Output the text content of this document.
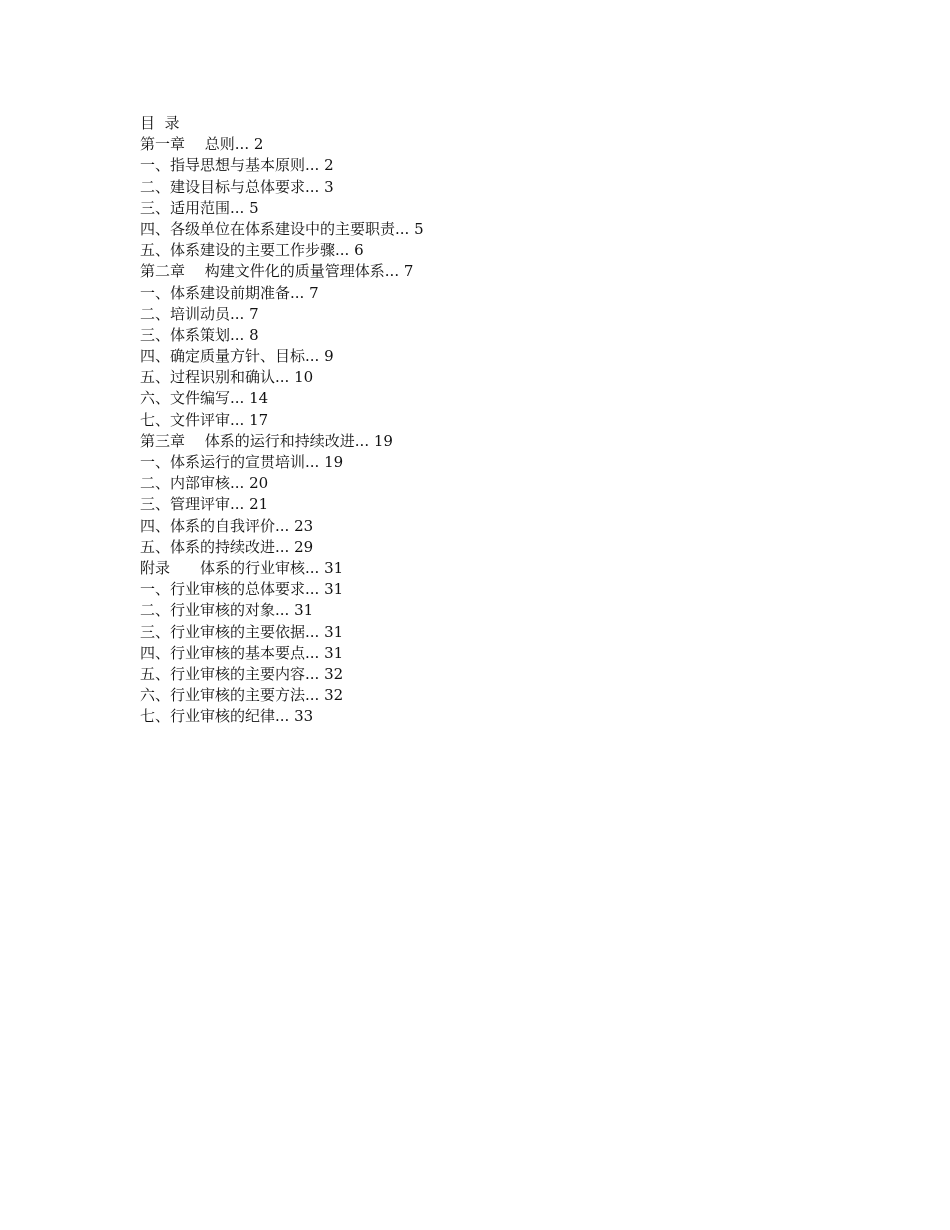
目  录
第一章　 总则... 2
一、指导思想与基本原则... 2
二、建设目标与总体要求... 3
三、适用范围... 5
四、各级单位在体系建设中的主要职责... 5
五、体系建设的主要工作步骤... 6
第二章　 构建文件化的质量管理体系... 7
一、体系建设前期准备... 7
二、培训动员... 7
三、体系策划... 8
四、确定质量方针、目标... 9
五、过程识别和确认... 10
六、文件编写... 14
七、文件评审... 17
第三章　 体系的运行和持续改进... 19
一、体系运行的宣贯培训... 19
二、内部审核... 20
三、管理评审... 21
四、体系的自我评价... 23
五、体系的持续改进... 29
附录　　体系的行业审核... 31
一、行业审核的总体要求... 31
二、行业审核的对象... 31
三、行业审核的主要依据... 31
四、行业审核的基本要点... 31
五、行业审核的主要内容... 32
六、行业审核的主要方法... 32
七、行业审核的纪律... 33
